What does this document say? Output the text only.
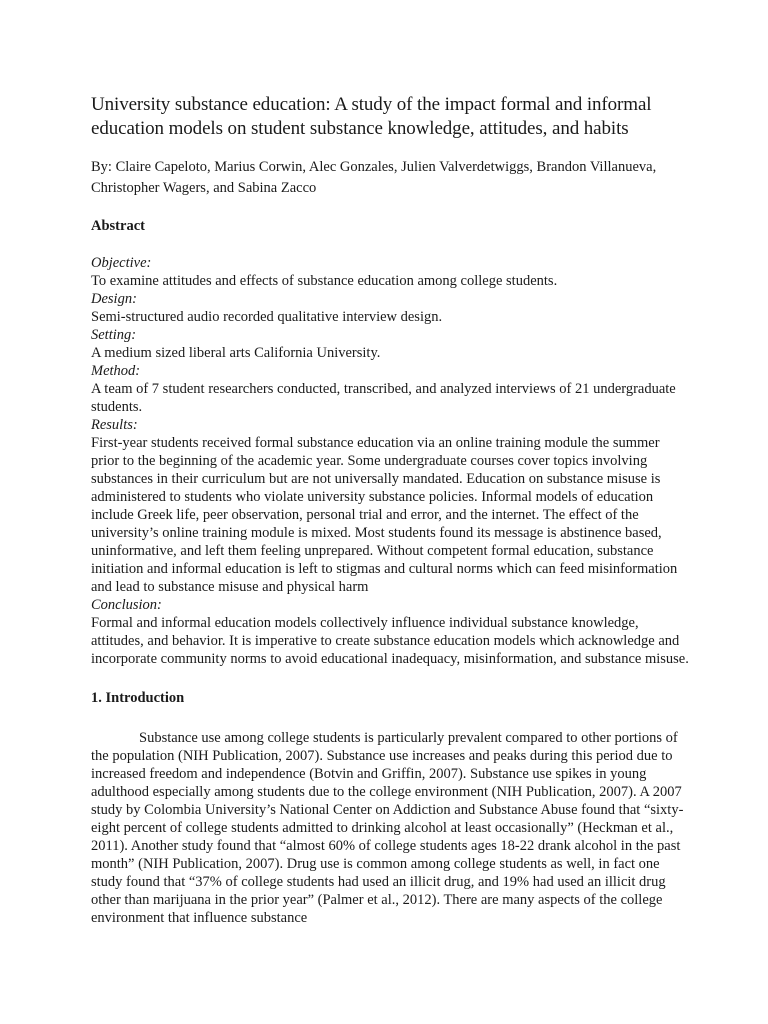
University substance education: A study of the impact formal and informal education models on student substance knowledge, attitudes, and habits

By: Claire Capeloto, Marius Corwin, Alec Gonzales, Julien Valverdetwiggs, Brandon Villanueva, Christopher Wagers, and Sabina Zacco

Abstract
Objective:
To examine attitudes and effects of substance education among college students.
Design:
Semi-structured audio recorded qualitative interview design.
Setting:
A medium sized liberal arts California University.
Method:
A team of 7 student researchers conducted, transcribed, and analyzed interviews of 21 undergraduate students.
Results:
First-year students received formal substance education via an online training module the summer prior to the beginning of the academic year. Some undergraduate courses cover topics involving substances in their curriculum but are not universally mandated. Education on substance misuse is administered to students who violate university substance policies. Informal models of education include Greek life, peer observation, personal trial and error, and the internet. The effect of the university’s online training module is mixed. Most students found its message is abstinence based, uninformative, and left them feeling unprepared. Without competent formal education, substance initiation and informal education is left to stigmas and cultural norms which can feed misinformation and lead to substance misuse and physical harm
Conclusion:
Formal and informal education models collectively influence individual substance knowledge, attitudes, and behavior. It is imperative to create substance education models which acknowledge and incorporate community norms to avoid educational inadequacy, misinformation, and substance misuse.
1. Introduction

Substance use among college students is particularly prevalent compared to other portions of the population (NIH Publication, 2007). Substance use increases and peaks during this period due to increased freedom and independence (Botvin and Griffin, 2007). Substance use spikes in young adulthood especially among students due to the college environment (NIH Publication, 2007). A 2007 study by Colombia University’s National Center on Addiction and Substance Abuse found that “sixty-eight percent of college students admitted to drinking alcohol at least occasionally” (Heckman et al., 2011). Another study found that “almost 60% of college students ages 18-22 drank alcohol in the past month” (NIH Publication, 2007). Drug use is common among college students as well, in fact one study found that “37% of college students had used an illicit drug, and 19% had used an illicit drug other than marijuana in the prior year” (Palmer et al., 2012). There are many aspects of the college environment that influence substance
